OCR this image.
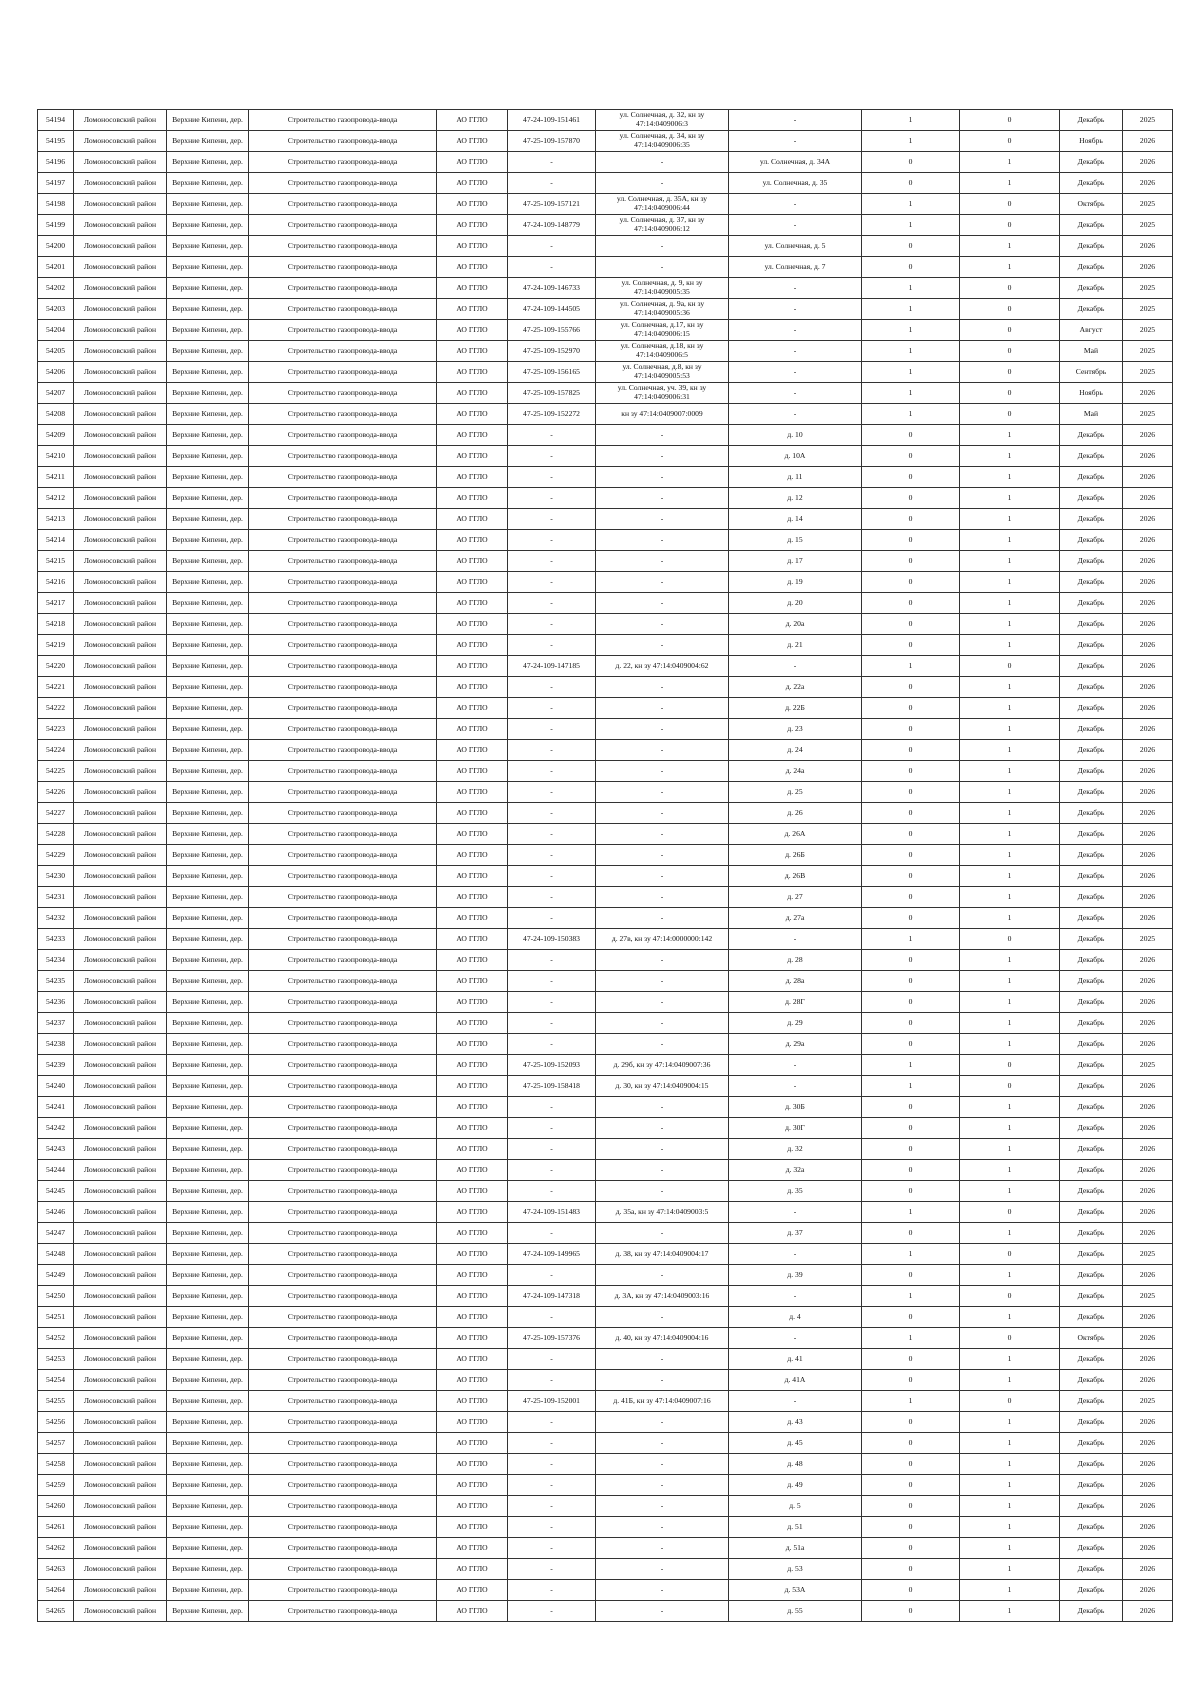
54194	Ломоносовский район	Верхние Кипени, дер.	Строительство газопровода-ввода	АО ГГЛО	47-24-109-151461	ул. Солнечная, д. 32, кн зу 47:14:0409006:3	-	1	0	Декабрь	2025
54195	Ломоносовский район	Верхние Кипени, дер.	Строительство газопровода-ввода	АО ГГЛО	47-25-109-157870	ул. Солнечная, д. 34, кн зу 47:14:0409006:35	-	1	0	Ноябрь	2026
54196	Ломоносовский район	Верхние Кипени, дер.	Строительство газопровода-ввода	АО ГГЛО	-	-	ул. Солнечная, д. 34А	0	1	Декабрь	2026
54197	Ломоносовский район	Верхние Кипени, дер.	Строительство газопровода-ввода	АО ГГЛО	-	-	ул. Солнечная, д. 35	0	1	Декабрь	2026
54198	Ломоносовский район	Верхние Кипени, дер.	Строительство газопровода-ввода	АО ГГЛО	47-25-109-157121	ул. Солнечная, д. 35А, кн зу 47:14:0409006:44	-	1	0	Октябрь	2025
54199	Ломоносовский район	Верхние Кипени, дер.	Строительство газопровода-ввода	АО ГГЛО	47-24-109-148779	ул. Солнечная, д. 37, кн зу 47:14:0409006:12	-	1	0	Декабрь	2025
54200	Ломоносовский район	Верхние Кипени, дер.	Строительство газопровода-ввода	АО ГГЛО	-	-	ул. Солнечная, д. 5	0	1	Декабрь	2026
54201	Ломоносовский район	Верхние Кипени, дер.	Строительство газопровода-ввода	АО ГГЛО	-	-	ул. Солнечная, д. 7	0	1	Декабрь	2026
54202	Ломоносовский район	Верхние Кипени, дер.	Строительство газопровода-ввода	АО ГГЛО	47-24-109-146733	ул. Солнечная, д. 9, кн зу 47:14:0409005:35	-	1	0	Декабрь	2025
54203	Ломоносовский район	Верхние Кипени, дер.	Строительство газопровода-ввода	АО ГГЛО	47-24-109-144505	ул. Солнечная, д. 9а, кн зу 47:14:0409005:36	-	1	0	Декабрь	2025
54204	Ломоносовский район	Верхние Кипени, дер.	Строительство газопровода-ввода	АО ГГЛО	47-25-109-155766	ул. Солнечная, д.17, кн зу 47:14:0409006:15	-	1	0	Август	2025
54205	Ломоносовский район	Верхние Кипени, дер.	Строительство газопровода-ввода	АО ГГЛО	47-25-109-152970	ул. Солнечная, д.18, кн зу 47:14:0409006:5	-	1	0	Май	2025
54206	Ломоносовский район	Верхние Кипени, дер.	Строительство газопровода-ввода	АО ГГЛО	47-25-109-156165	ул. Солнечная, д.8, кн зу 47:14:0409005:53	-	1	0	Сентябрь	2025
54207	Ломоносовский район	Верхние Кипени, дер.	Строительство газопровода-ввода	АО ГГЛО	47-25-109-157825	ул. Солнечная, уч. 39, кн зу 47:14:0409006:31	-	1	0	Ноябрь	2026
54208	Ломоносовский район	Верхние Кипени, дер.	Строительство газопровода-ввода	АО ГГЛО	47-25-109-152272	кн зу 47:14:0409007:0009	-	1	0	Май	2025
54209	Ломоносовский район	Верхние Кипени, дер.	Строительство газопровода-ввода	АО ГГЛО	-	-	д. 10	0	1	Декабрь	2026
54210	Ломоносовский район	Верхние Кипени, дер.	Строительство газопровода-ввода	АО ГГЛО	-	-	д. 10А	0	1	Декабрь	2026
54211	Ломоносовский район	Верхние Кипени, дер.	Строительство газопровода-ввода	АО ГГЛО	-	-	д. 11	0	1	Декабрь	2026
54212	Ломоносовский район	Верхние Кипени, дер.	Строительство газопровода-ввода	АО ГГЛО	-	-	д. 12	0	1	Декабрь	2026
54213	Ломоносовский район	Верхние Кипени, дер.	Строительство газопровода-ввода	АО ГГЛО	-	-	д. 14	0	1	Декабрь	2026
54214	Ломоносовский район	Верхние Кипени, дер.	Строительство газопровода-ввода	АО ГГЛО	-	-	д. 15	0	1	Декабрь	2026
54215	Ломоносовский район	Верхние Кипени, дер.	Строительство газопровода-ввода	АО ГГЛО	-	-	д. 17	0	1	Декабрь	2026
54216	Ломоносовский район	Верхние Кипени, дер.	Строительство газопровода-ввода	АО ГГЛО	-	-	д. 19	0	1	Декабрь	2026
54217	Ломоносовский район	Верхние Кипени, дер.	Строительство газопровода-ввода	АО ГГЛО	-	-	д. 20	0	1	Декабрь	2026
54218	Ломоносовский район	Верхние Кипени, дер.	Строительство газопровода-ввода	АО ГГЛО	-	-	д. 20а	0	1	Декабрь	2026
54219	Ломоносовский район	Верхние Кипени, дер.	Строительство газопровода-ввода	АО ГГЛО	-	-	д. 21	0	1	Декабрь	2026
54220	Ломоносовский район	Верхние Кипени, дер.	Строительство газопровода-ввода	АО ГГЛО	47-24-109-147185	д. 22, кн зу 47:14:0409004:62	-	1	0	Декабрь	2026
54221	Ломоносовский район	Верхние Кипени, дер.	Строительство газопровода-ввода	АО ГГЛО	-	-	д. 22а	0	1	Декабрь	2026
54222	Ломоносовский район	Верхние Кипени, дер.	Строительство газопровода-ввода	АО ГГЛО	-	-	д. 22Б	0	1	Декабрь	2026
54223	Ломоносовский район	Верхние Кипени, дер.	Строительство газопровода-ввода	АО ГГЛО	-	-	д. 23	0	1	Декабрь	2026
54224	Ломоносовский район	Верхние Кипени, дер.	Строительство газопровода-ввода	АО ГГЛО	-	-	д. 24	0	1	Декабрь	2026
54225	Ломоносовский район	Верхние Кипени, дер.	Строительство газопровода-ввода	АО ГГЛО	-	-	д. 24а	0	1	Декабрь	2026
54226	Ломоносовский район	Верхние Кипени, дер.	Строительство газопровода-ввода	АО ГГЛО	-	-	д. 25	0	1	Декабрь	2026
54227	Ломоносовский район	Верхние Кипени, дер.	Строительство газопровода-ввода	АО ГГЛО	-	-	д. 26	0	1	Декабрь	2026
54228	Ломоносовский район	Верхние Кипени, дер.	Строительство газопровода-ввода	АО ГГЛО	-	-	д. 26А	0	1	Декабрь	2026
54229	Ломоносовский район	Верхние Кипени, дер.	Строительство газопровода-ввода	АО ГГЛО	-	-	д. 26Б	0	1	Декабрь	2026
54230	Ломоносовский район	Верхние Кипени, дер.	Строительство газопровода-ввода	АО ГГЛО	-	-	д. 26В	0	1	Декабрь	2026
54231	Ломоносовский район	Верхние Кипени, дер.	Строительство газопровода-ввода	АО ГГЛО	-	-	д. 27	0	1	Декабрь	2026
54232	Ломоносовский район	Верхние Кипени, дер.	Строительство газопровода-ввода	АО ГГЛО	-	-	д. 27а	0	1	Декабрь	2026
54233	Ломоносовский район	Верхние Кипени, дер.	Строительство газопровода-ввода	АО ГГЛО	47-24-109-150383	д. 27в, кн зу 47:14:0000000:142	-	1	0	Декабрь	2025
54234	Ломоносовский район	Верхние Кипени, дер.	Строительство газопровода-ввода	АО ГГЛО	-	-	д. 28	0	1	Декабрь	2026
54235	Ломоносовский район	Верхние Кипени, дер.	Строительство газопровода-ввода	АО ГГЛО	-	-	д. 28а	0	1	Декабрь	2026
54236	Ломоносовский район	Верхние Кипени, дер.	Строительство газопровода-ввода	АО ГГЛО	-	-	д. 28Г	0	1	Декабрь	2026
54237	Ломоносовский район	Верхние Кипени, дер.	Строительство газопровода-ввода	АО ГГЛО	-	-	д. 29	0	1	Декабрь	2026
54238	Ломоносовский район	Верхние Кипени, дер.	Строительство газопровода-ввода	АО ГГЛО	-	-	д. 29а	0	1	Декабрь	2026
54239	Ломоносовский район	Верхние Кипени, дер.	Строительство газопровода-ввода	АО ГГЛО	47-25-109-152093	д. 29б, кн зу 47:14:0409007:36	-	1	0	Декабрь	2025
54240	Ломоносовский район	Верхние Кипени, дер.	Строительство газопровода-ввода	АО ГГЛО	47-25-109-158418	д. 30, кн зу 47:14:0409004:15	-	1	0	Декабрь	2026
54241	Ломоносовский район	Верхние Кипени, дер.	Строительство газопровода-ввода	АО ГГЛО	-	-	д. 30Б	0	1	Декабрь	2026
54242	Ломоносовский район	Верхние Кипени, дер.	Строительство газопровода-ввода	АО ГГЛО	-	-	д. 30Г	0	1	Декабрь	2026
54243	Ломоносовский район	Верхние Кипени, дер.	Строительство газопровода-ввода	АО ГГЛО	-	-	д. 32	0	1	Декабрь	2026
54244	Ломоносовский район	Верхние Кипени, дер.	Строительство газопровода-ввода	АО ГГЛО	-	-	д. 32а	0	1	Декабрь	2026
54245	Ломоносовский район	Верхние Кипени, дер.	Строительство газопровода-ввода	АО ГГЛО	-	-	д. 35	0	1	Декабрь	2026
54246	Ломоносовский район	Верхние Кипени, дер.	Строительство газопровода-ввода	АО ГГЛО	47-24-109-151483	д. 35а, кн зу 47:14:0409003:5	-	1	0	Декабрь	2026
54247	Ломоносовский район	Верхние Кипени, дер.	Строительство газопровода-ввода	АО ГГЛО	-	-	д. 37	0	1	Декабрь	2026
54248	Ломоносовский район	Верхние Кипени, дер.	Строительство газопровода-ввода	АО ГГЛО	47-24-109-149965	д. 38, кн зу 47:14:0409004:17	-	1	0	Декабрь	2025
54249	Ломоносовский район	Верхние Кипени, дер.	Строительство газопровода-ввода	АО ГГЛО	-	-	д. 39	0	1	Декабрь	2026
54250	Ломоносовский район	Верхние Кипени, дер.	Строительство газопровода-ввода	АО ГГЛО	47-24-109-147318	д. 3А, кн зу 47:14:0409003:16	-	1	0	Декабрь	2025
54251	Ломоносовский район	Верхние Кипени, дер.	Строительство газопровода-ввода	АО ГГЛО	-	-	д. 4	0	1	Декабрь	2026
54252	Ломоносовский район	Верхние Кипени, дер.	Строительство газопровода-ввода	АО ГГЛО	47-25-109-157376	д. 40, кн зу 47:14:0409004:16	-	1	0	Октябрь	2026
54253	Ломоносовский район	Верхние Кипени, дер.	Строительство газопровода-ввода	АО ГГЛО	-	-	д. 41	0	1	Декабрь	2026
54254	Ломоносовский район	Верхние Кипени, дер.	Строительство газопровода-ввода	АО ГГЛО	-	-	д. 41А	0	1	Декабрь	2026
54255	Ломоносовский район	Верхние Кипени, дер.	Строительство газопровода-ввода	АО ГГЛО	47-25-109-152001	д. 41Б, кн зу 47:14:0409007:16	-	1	0	Декабрь	2025
54256	Ломоносовский район	Верхние Кипени, дер.	Строительство газопровода-ввода	АО ГГЛО	-	-	д. 43	0	1	Декабрь	2026
54257	Ломоносовский район	Верхние Кипени, дер.	Строительство газопровода-ввода	АО ГГЛО	-	-	д. 45	0	1	Декабрь	2026
54258	Ломоносовский район	Верхние Кипени, дер.	Строительство газопровода-ввода	АО ГГЛО	-	-	д. 48	0	1	Декабрь	2026
54259	Ломоносовский район	Верхние Кипени, дер.	Строительство газопровода-ввода	АО ГГЛО	-	-	д. 49	0	1	Декабрь	2026
54260	Ломоносовский район	Верхние Кипени, дер.	Строительство газопровода-ввода	АО ГГЛО	-	-	д. 5	0	1	Декабрь	2026
54261	Ломоносовский район	Верхние Кипени, дер.	Строительство газопровода-ввода	АО ГГЛО	-	-	д. 51	0	1	Декабрь	2026
54262	Ломоносовский район	Верхние Кипени, дер.	Строительство газопровода-ввода	АО ГГЛО	-	-	д. 51а	0	1	Декабрь	2026
54263	Ломоносовский район	Верхние Кипени, дер.	Строительство газопровода-ввода	АО ГГЛО	-	-	д. 53	0	1	Декабрь	2026
54264	Ломоносовский район	Верхние Кипени, дер.	Строительство газопровода-ввода	АО ГГЛО	-	-	д. 53А	0	1	Декабрь	2026
54265	Ломоносовский район	Верхние Кипени, дер.	Строительство газопровода-ввода	АО ГГЛО	-	-	д. 55	0	1	Декабрь	2026
